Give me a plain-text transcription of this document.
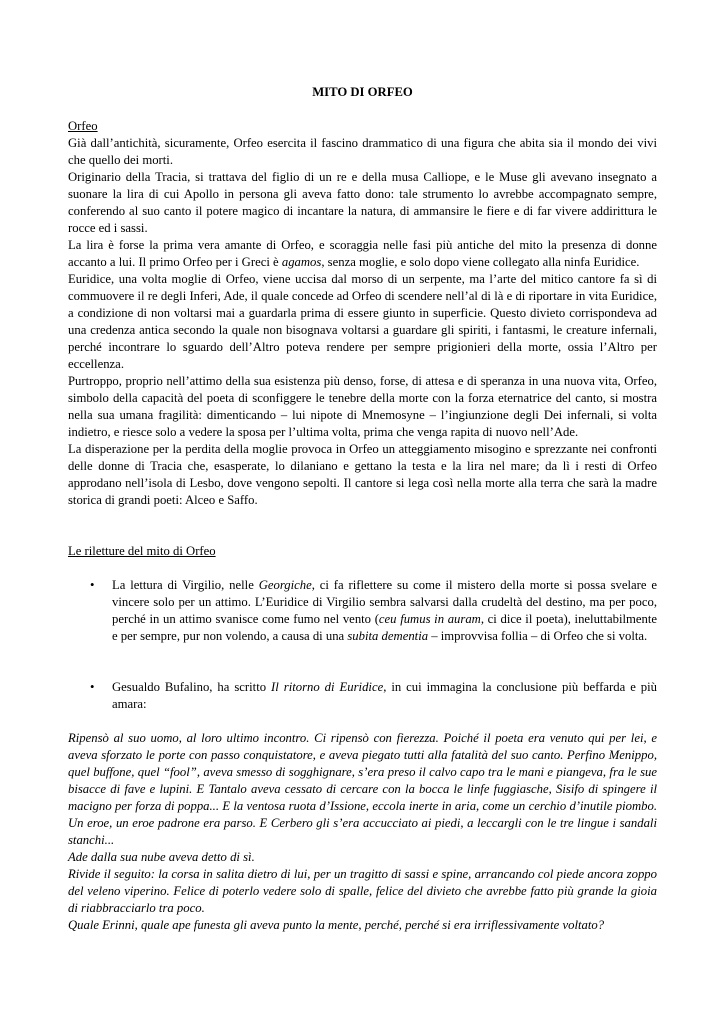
MITO DI ORFEO

Orfeo

Già dall’antichità, sicuramente, Orfeo esercita il fascino drammatico di una figura che abita sia il mondo dei vivi che quello dei morti.

Originario della Tracia, si trattava del figlio di un re e della musa Calliope, e le Muse gli avevano insegnato a suonare la lira di cui Apollo in persona gli aveva fatto dono: tale strumento lo avrebbe accompagnato sempre, conferendo al suo canto il potere magico di incantare la natura, di ammansire le fiere e di far vivere addirittura le rocce ed i sassi.

La lira è forse la prima vera amante di Orfeo, e scoraggia nelle fasi più antiche del mito la presenza di donne accanto a lui. Il primo Orfeo per i Greci è agamos, senza moglie, e solo dopo viene collegato alla ninfa Euridice.

Euridice, una volta moglie di Orfeo, viene uccisa dal morso di un serpente, ma l’arte del mitico cantore fa sì di commuovere il re degli Inferi, Ade, il quale concede ad Orfeo di scendere nell’al di là e di riportare in vita Euridice, a condizione di non voltarsi mai a guardarla prima di essere giunto in superficie. Questo divieto corrispondeva ad una credenza antica secondo la quale non bisognava voltarsi a guardare gli spiriti, i fantasmi, le creature infernali, perché incontrare lo sguardo dell’Altro poteva rendere per sempre prigionieri della morte, ossia l’Altro per eccellenza.

Purtroppo, proprio nell’attimo della sua esistenza più denso, forse, di attesa e di speranza in una nuova vita, Orfeo, simbolo della capacità del poeta di sconfiggere le tenebre della morte con la forza eternatrice del canto, si mostra nella sua umana fragilità: dimenticando – lui nipote di Mnemosyne – l’ingiunzione degli Dei infernali, si volta indietro, e riesce solo a vedere la sposa per l’ultima volta, prima che venga rapita di nuovo nell’Ade.

La disperazione per la perdita della moglie provoca in Orfeo un atteggiamento misogino e sprezzante nei confronti delle donne di Tracia che, esasperate, lo dilaniano e gettano la testa e la lira nel mare; da lì i resti di Orfeo approdano nell’isola di Lesbo, dove vengono sepolti. Il cantore si lega così nella morte alla terra che sarà la madre storica di grandi poeti: Alceo e Saffo.

Le riletture del mito di Orfeo

• La lettura di Virgilio, nelle Georgiche, ci fa riflettere su come il mistero della morte si possa svelare e vincere solo per un attimo. L’Euridice di Virgilio sembra salvarsi dalla crudeltà del destino, ma per poco, perché in un attimo svanisce come fumo nel vento (ceu fumus in auram, ci dice il poeta), ineluttabilmente e per sempre, pur non volendo, a causa di una subita dementia – improvvisa follia – di Orfeo che si volta.
• Gesualdo Bufalino, ha scritto Il ritorno di Euridice, in cui immagina la conclusione più beffarda e più amara:

Ripensò al suo uomo, al loro ultimo incontro. Ci ripensò con fierezza. Poiché il poeta era venuto qui per lei, e aveva sforzato le porte con passo conquistatore, e aveva piegato tutti alla fatalità del suo canto. Perfino Menippo, quel buffone, quel “fool”, aveva smesso di sogghignare, s’era preso il calvo capo tra le mani e piangeva, fra le sue bisacce di fave e lupini. E Tantalo aveva cessato di cercare con la bocca le linfe fuggiasche, Sisifo di spingere il macigno per forza di poppa... E la ventosa ruota d’Issione, eccola inerte in aria, come un cerchio d’inutile piombo. Un eroe, un eroe padrone era parso. E Cerbero gli s’era accucciato ai piedi, a leccargli con le tre lingue i sandali stanchi...

Ade dalla sua nube aveva detto di sì.

Rivide il seguito: la corsa in salita dietro di lui, per un tragitto di sassi e spine, arrancando col piede ancora zoppo del veleno viperino. Felice di poterlo vedere solo di spalle, felice del divieto che avrebbe fatto più grande la gioia di riabbracciarlo tra poco.

Quale Erinni, quale ape funesta gli aveva punto la mente, perché, perché si era irriflessivamente voltato?
